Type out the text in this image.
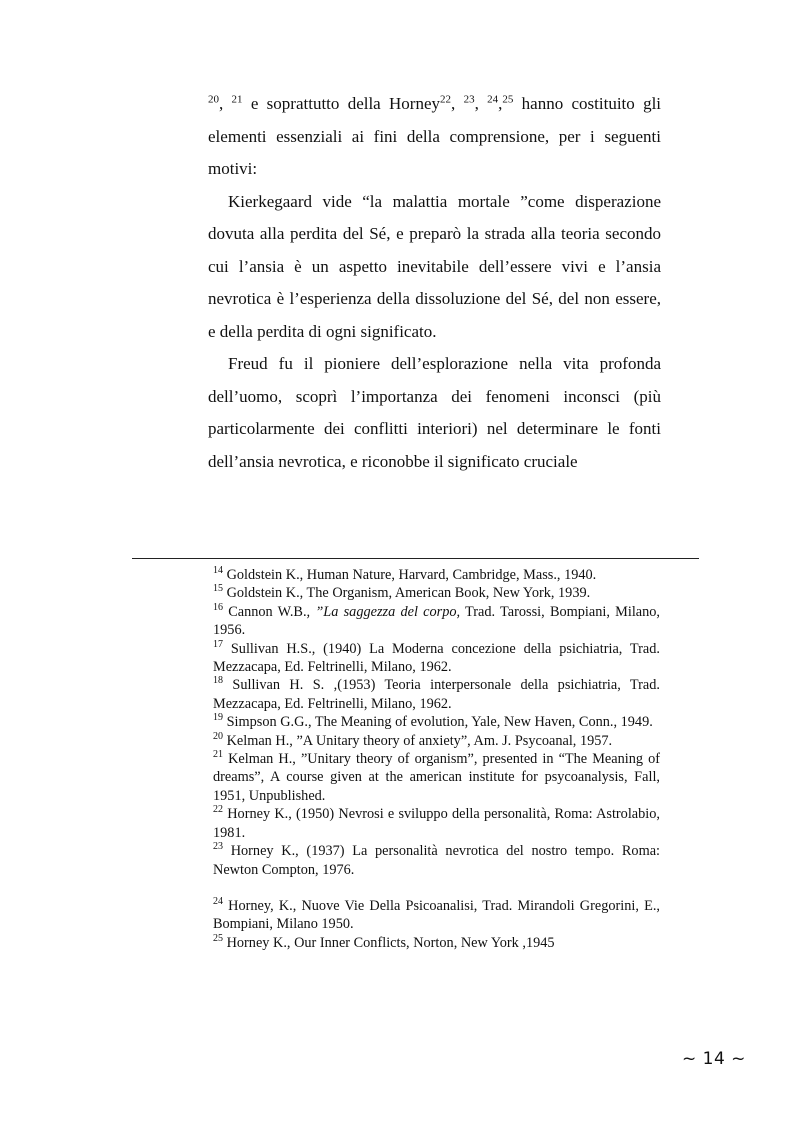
$^{20}$, $^{21}$ e soprattutto della Horney$^{22}$, $^{23}$, $^{24}$,$^{25}$ hanno costituito gli elementi essenziali ai fini della comprensione, per i seguenti motivi:

Kierkegaard vide “la malattia mortale ”come disperazione dovuta alla perdita del Sé, e preparò la strada alla teoria secondo cui l’ansia è un aspetto inevitabile dell’essere vivi e l’ansia nevrotica è l’esperienza della dissoluzione del Sé, del non essere, e della perdita di ogni significato.

Freud fu il pioniere dell’esplorazione nella vita profonda dell’uomo, scoprì l’importanza dei fenomeni inconsci (più particolarmente dei conflitti interiori) nel determinare le fonti dell’ansia nevrotica, e riconobbe il significato cruciale

$^{14}$ Goldstein K., Human Nature, Harvard, Cambridge, Mass., 1940.

$^{15}$ Goldstein K., The Organism, American Book, New York, 1939.

$^{16}$ Cannon W.B., ”La saggezza del corpo, Trad. Tarossi, Bompiani, Milano, 1956.

$^{17}$ Sullivan H.S., (1940) La Moderna concezione della psichiatria, Trad. Mezzacapa, Ed. Feltrinelli, Milano, 1962.

$^{18}$ Sullivan H. S. ,(1953) Teoria interpersonale della psichiatria, Trad. Mezzacapa, Ed. Feltrinelli, Milano, 1962.

$^{19}$ Simpson G.G., The Meaning of evolution, Yale, New Haven, Conn., 1949.

$^{20}$ Kelman H., ”A Unitary theory of anxiety”, Am. J. Psycoanal, 1957.

$^{21}$ Kelman H., ”Unitary theory of organism”, presented in “The Meaning of dreams”, A course given at the american institute for psycoanalysis, Fall, 1951, Unpublished.

$^{22}$ Horney K., (1950) Nevrosi e sviluppo della personalità, Roma: Astrolabio, 1981.

$^{23}$ Horney K., (1937) La personalità nevrotica del nostro tempo. Roma: Newton Compton, 1976.

$^{24}$ Horney, K., Nuove Vie Della Psicoanalisi, Trad. Mirandoli Gregorini, E., Bompiani, Milano 1950.

$^{25}$ Horney K., Our Inner Conflicts, Norton, New York ,1945

~ 14 ~
